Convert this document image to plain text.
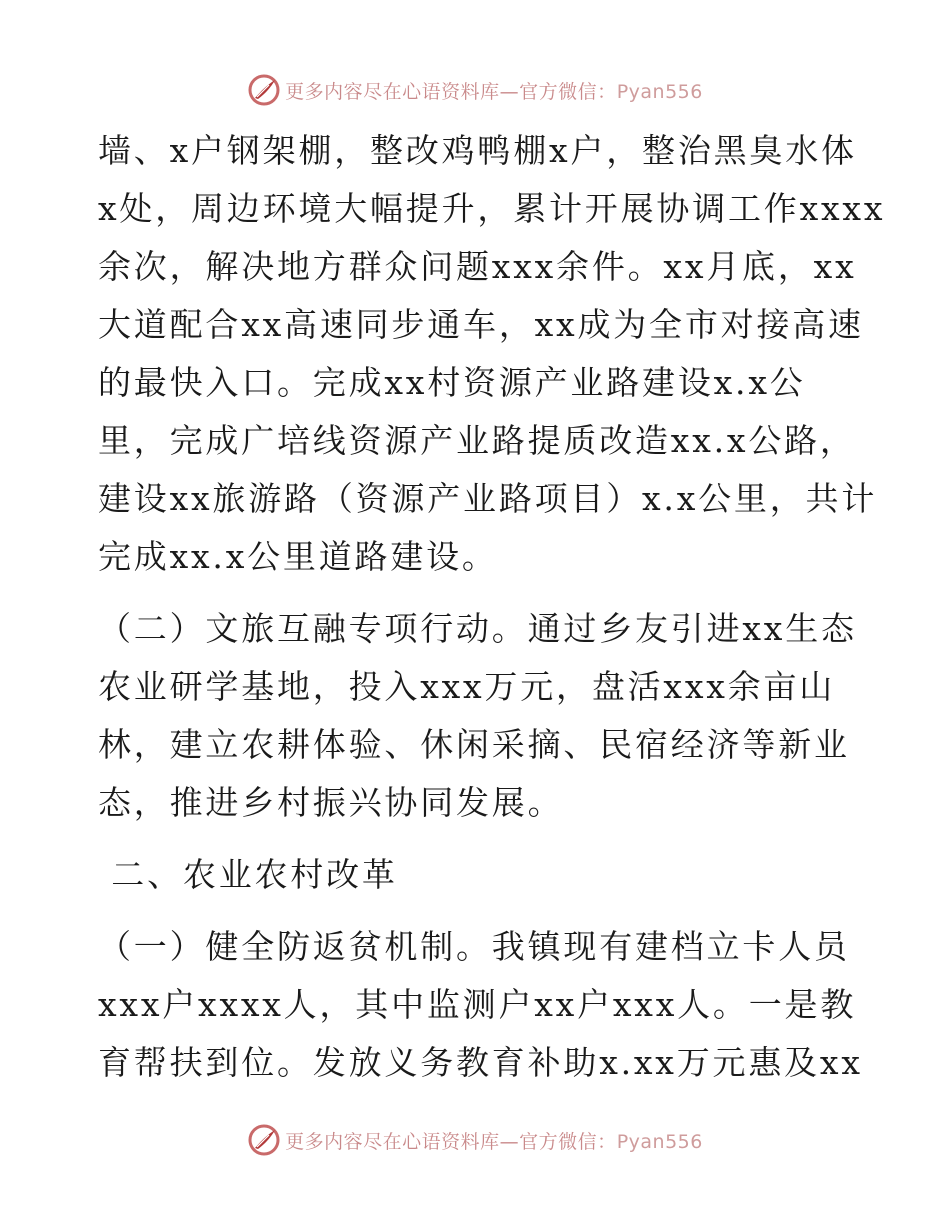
更多内容尽在心语资料库—官方微信：Pyan556
墙、x户钢架棚，整改鸡鸭棚x户，整治黑臭水体
x处，周边环境大幅提升，累计开展协调工作xxxx
余次，解决地方群众问题xxx余件。xx月底，xx
大道配合xx高速同步通车，xx成为全市对接高速
的最快入口。完成xx村资源产业路建设x.x公
里，完成广培线资源产业路提质改造xx.x公路，
建设xx旅游路（资源产业路项目）x.x公里，共计
完成xx.x公里道路建设。
（二）文旅互融专项行动。通过乡友引进xx生态
农业研学基地，投入xxx万元，盘活xxx余亩山
林，建立农耕体验、休闲采摘、民宿经济等新业
态，推进乡村振兴协同发展。
二、农业农村改革
（一）健全防返贫机制。我镇现有建档立卡人员
xxx户xxxx人，其中监测户xx户xxx人。一是教
育帮扶到位。发放义务教育补助x.xx万元惠及xx
更多内容尽在心语资料库—官方微信：Pyan556
